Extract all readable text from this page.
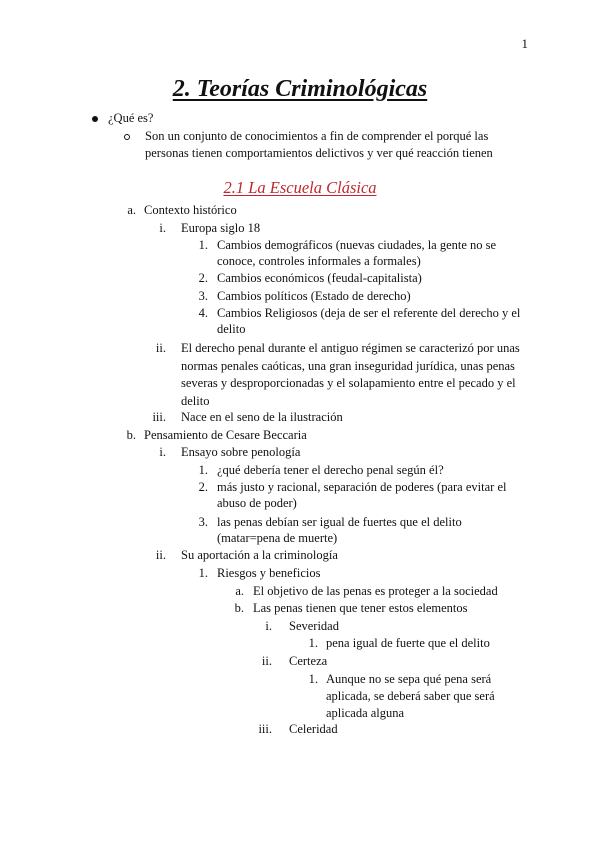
1
2. Teorías Criminológicas
¿Qué es?
Son un conjunto de conocimientos a fin de comprender el porqué las personas tienen comportamientos delictivos y ver qué reacción tienen
2.1 La Escuela Clásica
a. Contexto histórico
i. Europa siglo 18
1. Cambios demográficos (nuevas ciudades, la gente no se conoce, controles informales a formales)
2. Cambios económicos (feudal-capitalista)
3. Cambios políticos (Estado de derecho)
4. Cambios Religiosos (deja de ser el referente del derecho y el delito
ii. El derecho penal durante el antiguo régimen se caracterizó por unas normas penales caóticas, una gran inseguridad jurídica, unas penas severas y desproporcionadas y el solapamiento entre el pecado y el delito
iii. Nace en el seno de la ilustración
b. Pensamiento de Cesare Beccaria
i. Ensayo sobre penología
1. ¿qué debería tener el derecho penal según él?
2. más justo y racional, separación de poderes (para evitar el abuso de poder)
3. las penas debían ser igual de fuertes que el delito (matar=pena de muerte)
ii. Su aportación a la criminología
1. Riesgos y beneficios
a. El objetivo de las penas es proteger a la sociedad
b. Las penas tienen que tener estos elementos
i. Severidad
1. pena igual de fuerte que el delito
ii. Certeza
1. Aunque no se sepa qué pena será aplicada, se deberá saber que será aplicada alguna
iii. Celeridad
